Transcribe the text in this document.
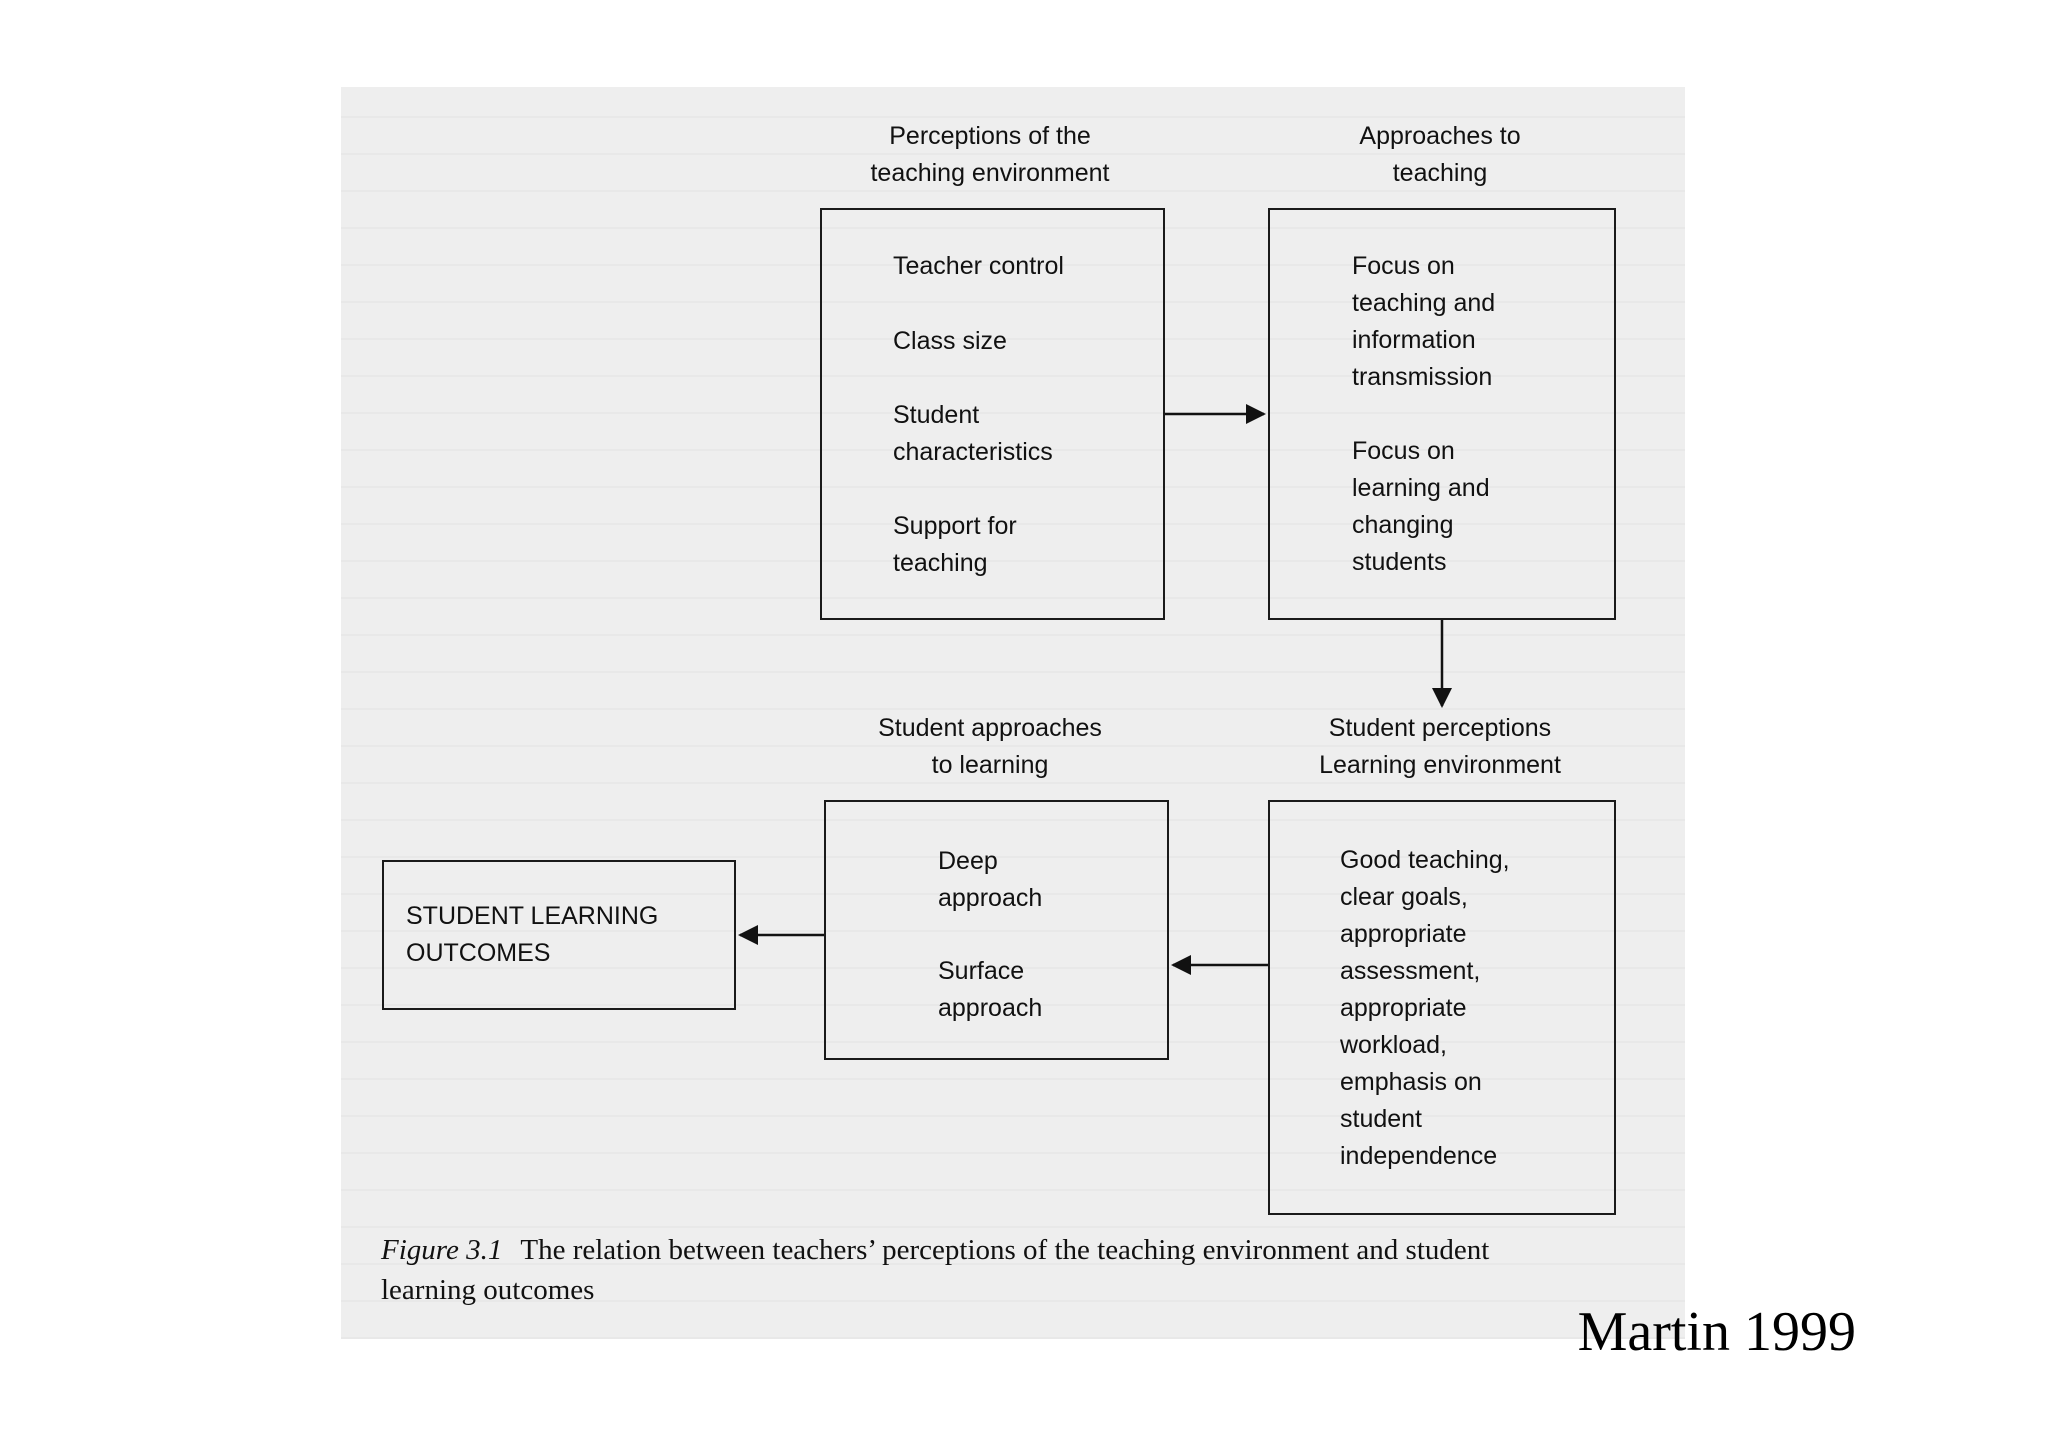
Perceptions of the
teaching environment
Approaches to
teaching
Student approaches
to learning
Student perceptions
Learning environment
Teacher control
Class size
Student
characteristics
Support for
teaching
Focus on
teaching and
information
transmission
Focus on
learning and
changing
students
Good teaching,
clear goals,
appropriate
assessment,
appropriate
workload,
emphasis on
student
independence
Deep
approach
Surface
approach
STUDENT LEARNING
OUTCOMES
Figure 3.1 The relation between teachers’ perceptions of the teaching environment and student learning outcomes
Martin 1999
